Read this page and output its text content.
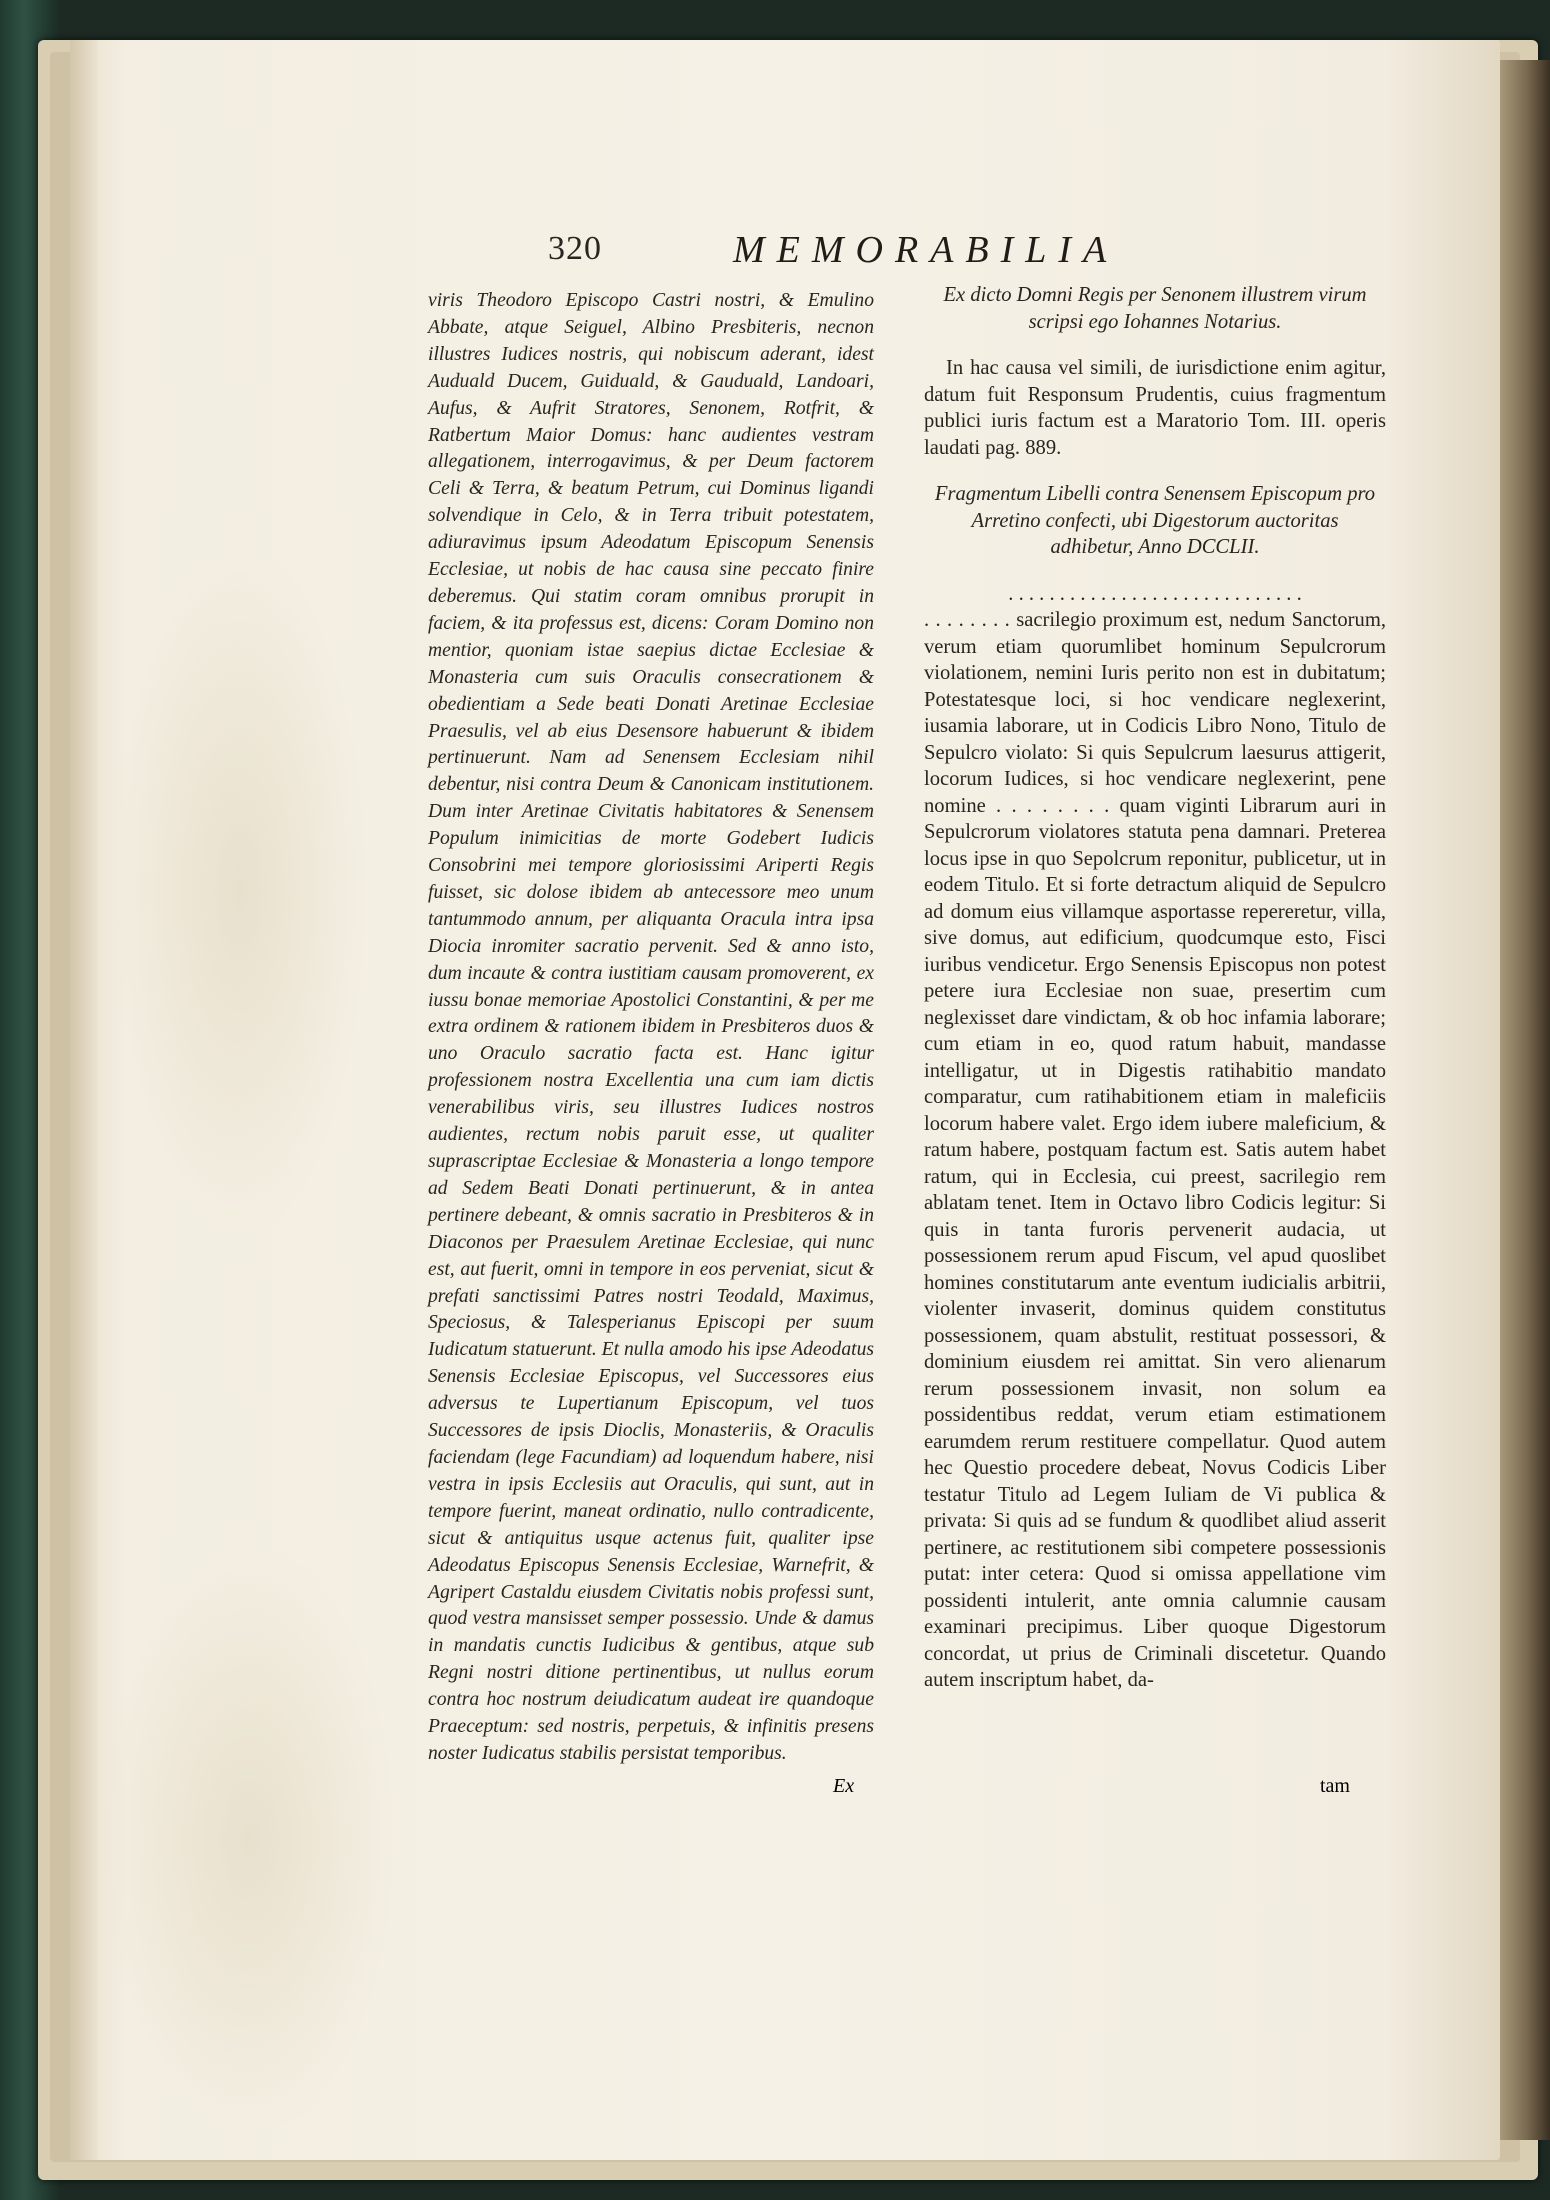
320	MEMORABILIA

viris Theodoro Episcopo Castri nostri, & Emulino Abbate, atque Seiguel, Albino Presbiteris, necnon illustres Iudices nostris, qui nobiscum aderant, idest Auduald Ducem, Guiduald, & Gauduald, Landoari, Aufus, & Aufrit Stratores, Senonem, Rotfrit, & Ratbertum Maior Domus: hanc audientes vestram allegationem, interrogavimus, & per Deum factorem Celi & Terra, & beatum Petrum, cui Dominus ligandi solvendique in Celo, & in Terra tribuit potestatem, adiuravimus ipsum Adeodatum Episcopum Senensis Ecclesiae, ut nobis de hac causa sine peccato finire deberemus. Qui statim coram omnibus prorupit in faciem, & ita professus est, dicens: Coram Domino non mentior, quoniam istae saepius dictae Ecclesiae & Monasteria cum suis Oraculis consecrationem & obedientiam a Sede beati Donati Aretinae Ecclesiae Praesulis, vel ab eius Desensore habuerunt & ibidem pertinuerunt. Nam ad Senensem Ecclesiam nihil debentur, nisi contra Deum & Canonicam institutionem. Dum inter Aretinae Civitatis habitatores & Senensem Populum inimicitias de morte Godebert Iudicis Consobrini mei tempore gloriosissimi Ariperti Regis fuisset, sic dolose ibidem ab antecessore meo unum tantummodo annum, per aliquanta Oracula intra ipsa Diocia inromiter sacratio pervenit. Sed & anno isto, dum incaute & contra iustitiam causam promoverent, ex iussu bonae memoriae Apostolici Constantini, & per me extra ordinem & rationem ibidem in Presbiteros duos & uno Oraculo sacratio facta est. Hanc igitur professionem nostra Excellentia una cum iam dictis venerabilibus viris, seu illustres Iudices nostros audientes, rectum nobis paruit esse, ut qualiter suprascriptae Ecclesiae & Monasteria a longo tempore ad Sedem Beati Donati pertinuerunt, & in antea pertinere debeant, & omnis sacratio in Presbiteros & in Diaconos per Praesulem Aretinae Ecclesiae, qui nunc est, aut fuerit, omni in tempore in eos perveniat, sicut & prefati sanctissimi Patres nostri Teodald, Maximus, Speciosus, & Talesperianus Episcopi per suum Iudicatum statuerunt. Et nulla amodo his ipse Adeodatus Senensis Ecclesiae Episcopus, vel Successores eius adversus te Lupertianum Episcopum, vel tuos Successores de ipsis Dioclis, Monasteriis, & Oraculis faciendam (lege Facundiam) ad loquendum habere, nisi vestra in ipsis Ecclesiis aut Oraculis, qui sunt, aut in tempore fuerint, maneat ordinatio, nullo contradicente, sicut & antiquitus usque actenus fuit, qualiter ipse Adeodatus Episcopus Senensis Ecclesiae, Warnefrit, & Agripert Castaldu eiusdem Civitatis nobis professi sunt, quod vestra mansisset semper possessio. Unde & damus in mandatis cunctis Iudicibus & gentibus, atque sub Regni nostri ditione pertinentibus, ut nullus eorum contra hoc nostrum deiudicatum audeat ire quandoque Praeceptum: sed nostris, perpetuis, & infinitis presens noster Iudicatus stabilis persistat temporibus.

Ex dicto Domni Regis per Senonem illustrem virum scripsi ego Iohannes Notarius.

In hac causa vel simili, de iurisdictione enim agitur, datum fuit Responsum Prudentis, cuius fragmentum publici iuris factum est a Maratorio Tom. III. operis laudati pag. 889.

Fragmentum Libelli contra Senensem Episcopum pro Arretino confecti, ubi Digestorum auctoritas adhibetur, Anno DCCLII.

. . . . . . . . . . . . . . . . . . . . . . . . . . . . .

. . . . . . . . sacrilegio proximum est, nedum Sanctorum, verum etiam quorumlibet hominum Sepulcrorum violationem, nemini Iuris perito non est in dubitatum; Potestatesque loci, si hoc vendicare neglexerint, iusamia laborare, ut in Codicis Libro Nono, Titulo de Sepulcro violato: Si quis Sepulcrum laesurus attigerit, locorum Iudices, si hoc vendicare neglexerint, pene nomine . . . . . . . . quam viginti Librarum auri in Sepulcrorum violatores statuta pena damnari. Preterea locus ipse in quo Sepolcrum reponitur, publicetur, ut in eodem Titulo. Et si forte detractum aliquid de Sepulcro ad domum eius villamque asportasse repereretur, villa, sive domus, aut edificium, quodcumque esto, Fisci iuribus vendicetur. Ergo Senensis Episcopus non potest petere iura Ecclesiae non suae, presertim cum neglexisset dare vindictam, & ob hoc infamia laborare; cum etiam in eo, quod ratum habuit, mandasse intelligatur, ut in Digestis ratihabitio mandato comparatur, cum ratihabitionem etiam in maleficiis locorum habere valet. Ergo idem iubere maleficium, & ratum habere, postquam factum est. Satis autem habet ratum, qui in Ecclesia, cui preest, sacrilegio rem ablatam tenet. Item in Octavo libro Codicis legitur: Si quis in tanta furoris pervenerit audacia, ut possessionem rerum apud Fiscum, vel apud quoslibet homines constitutarum ante eventum iudicialis arbitrii, violenter invaserit, dominus quidem constitutus possessionem, quam abstulit, restituat possessori, & dominium eiusdem rei amittat. Sin vero alienarum rerum possessionem invasit, non solum ea possidentibus reddat, verum etiam estimationem earumdem rerum restituere compellatur. Quod autem hec Questio procedere debeat, Novus Codicis Liber testatur Titulo ad Legem Iuliam de Vi publica & privata: Si quis ad se fundum & quodlibet aliud asserit pertinere, ac restitutionem sibi competere possessionis putat: inter cetera: Quod si omissa appellatione vim possidenti intulerit, ante omnia calumnie causam examinari precipimus. Liber quoque Digestorum concordat, ut prius de Criminali discetetur. Quando autem inscriptum habet, da-

Ex	tam
